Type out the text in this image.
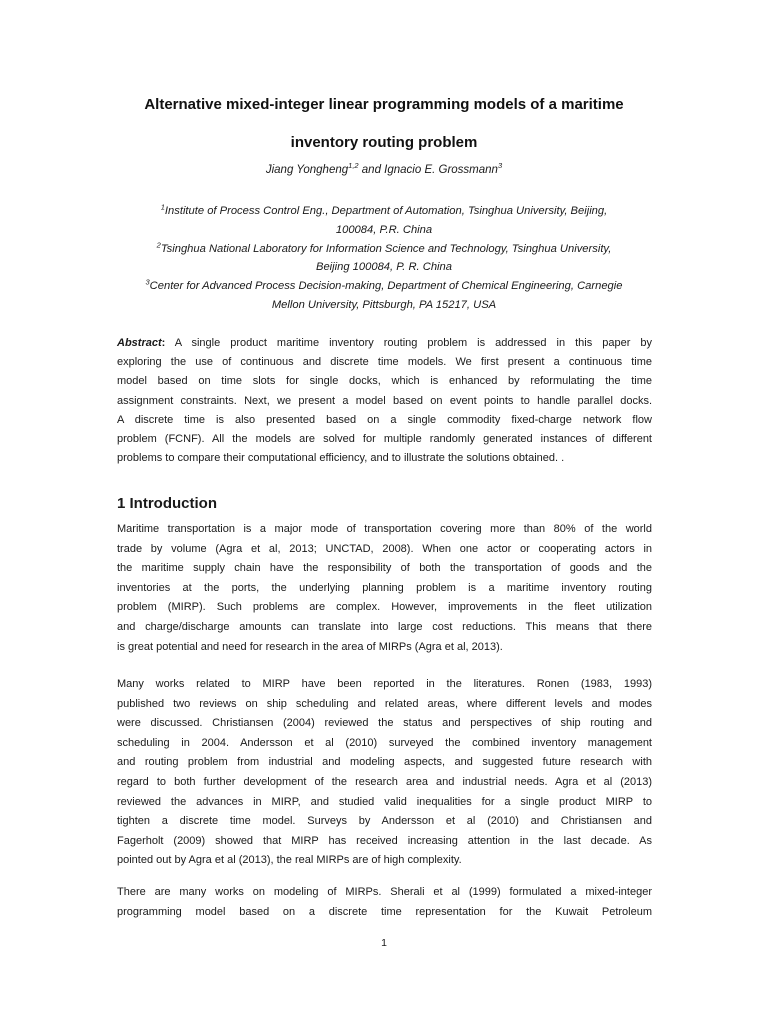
Alternative mixed-integer linear programming models of a maritime
inventory routing problem
Jiang Yongheng$^{1,2}$ and Ignacio E. Grossmann$^3$
$^1$Institute of Process Control Eng., Department of Automation, Tsinghua University, Beijing,
100084, P.R. China
$^2$Tsinghua National Laboratory for Information Science and Technology, Tsinghua University,
Beijing 100084, P. R. China
$^3$Center for Advanced Process Decision-making, Department of Chemical Engineering, Carnegie
Mellon University, Pittsburgh, PA 15217, USA
Abstract: A single product maritime inventory routing problem is addressed in this paper by
exploring the use of continuous and discrete time models. We first present a continuous time
model based on time slots for single docks, which is enhanced by reformulating the time
assignment constraints. Next, we present a model based on event points to handle parallel docks.
A discrete time is also presented based on a single commodity fixed-charge network flow
problem (FCNF). All the models are solved for multiple randomly generated instances of different
problems to compare their computational efficiency, and to illustrate the solutions obtained. .
1 Introduction
Maritime transportation is a major mode of transportation covering more than 80% of the world
trade by volume (Agra et al, 2013; UNCTAD, 2008). When one actor or cooperating actors in
the maritime supply chain have the responsibility of both the transportation of goods and the
inventories at the ports, the underlying planning problem is a maritime inventory routing
problem (MIRP). Such problems are complex. However, improvements in the fleet utilization
and charge/discharge amounts can translate into large cost reductions. This means that there
is great potential and need for research in the area of MIRPs (Agra et al, 2013).
Many works related to MIRP have been reported in the literatures. Ronen (1983, 1993)
published two reviews on ship scheduling and related areas, where different levels and modes
were discussed. Christiansen (2004) reviewed the status and perspectives of ship routing and
scheduling in 2004. Andersson et al (2010) surveyed the combined inventory management
and routing problem from industrial and modeling aspects, and suggested future research with
regard to both further development of the research area and industrial needs. Agra et al (2013)
reviewed the advances in MIRP, and studied valid inequalities for a single product MIRP to
tighten a discrete time model. Surveys by Andersson et al (2010) and Christiansen and
Fagerholt (2009) showed that MIRP has received increasing attention in the last decade. As
pointed out by Agra et al (2013), the real MIRPs are of high complexity.
There are many works on modeling of MIRPs. Sherali et al (1999) formulated a mixed-integer
programming model based on a discrete time representation for the Kuwait Petroleum
1
